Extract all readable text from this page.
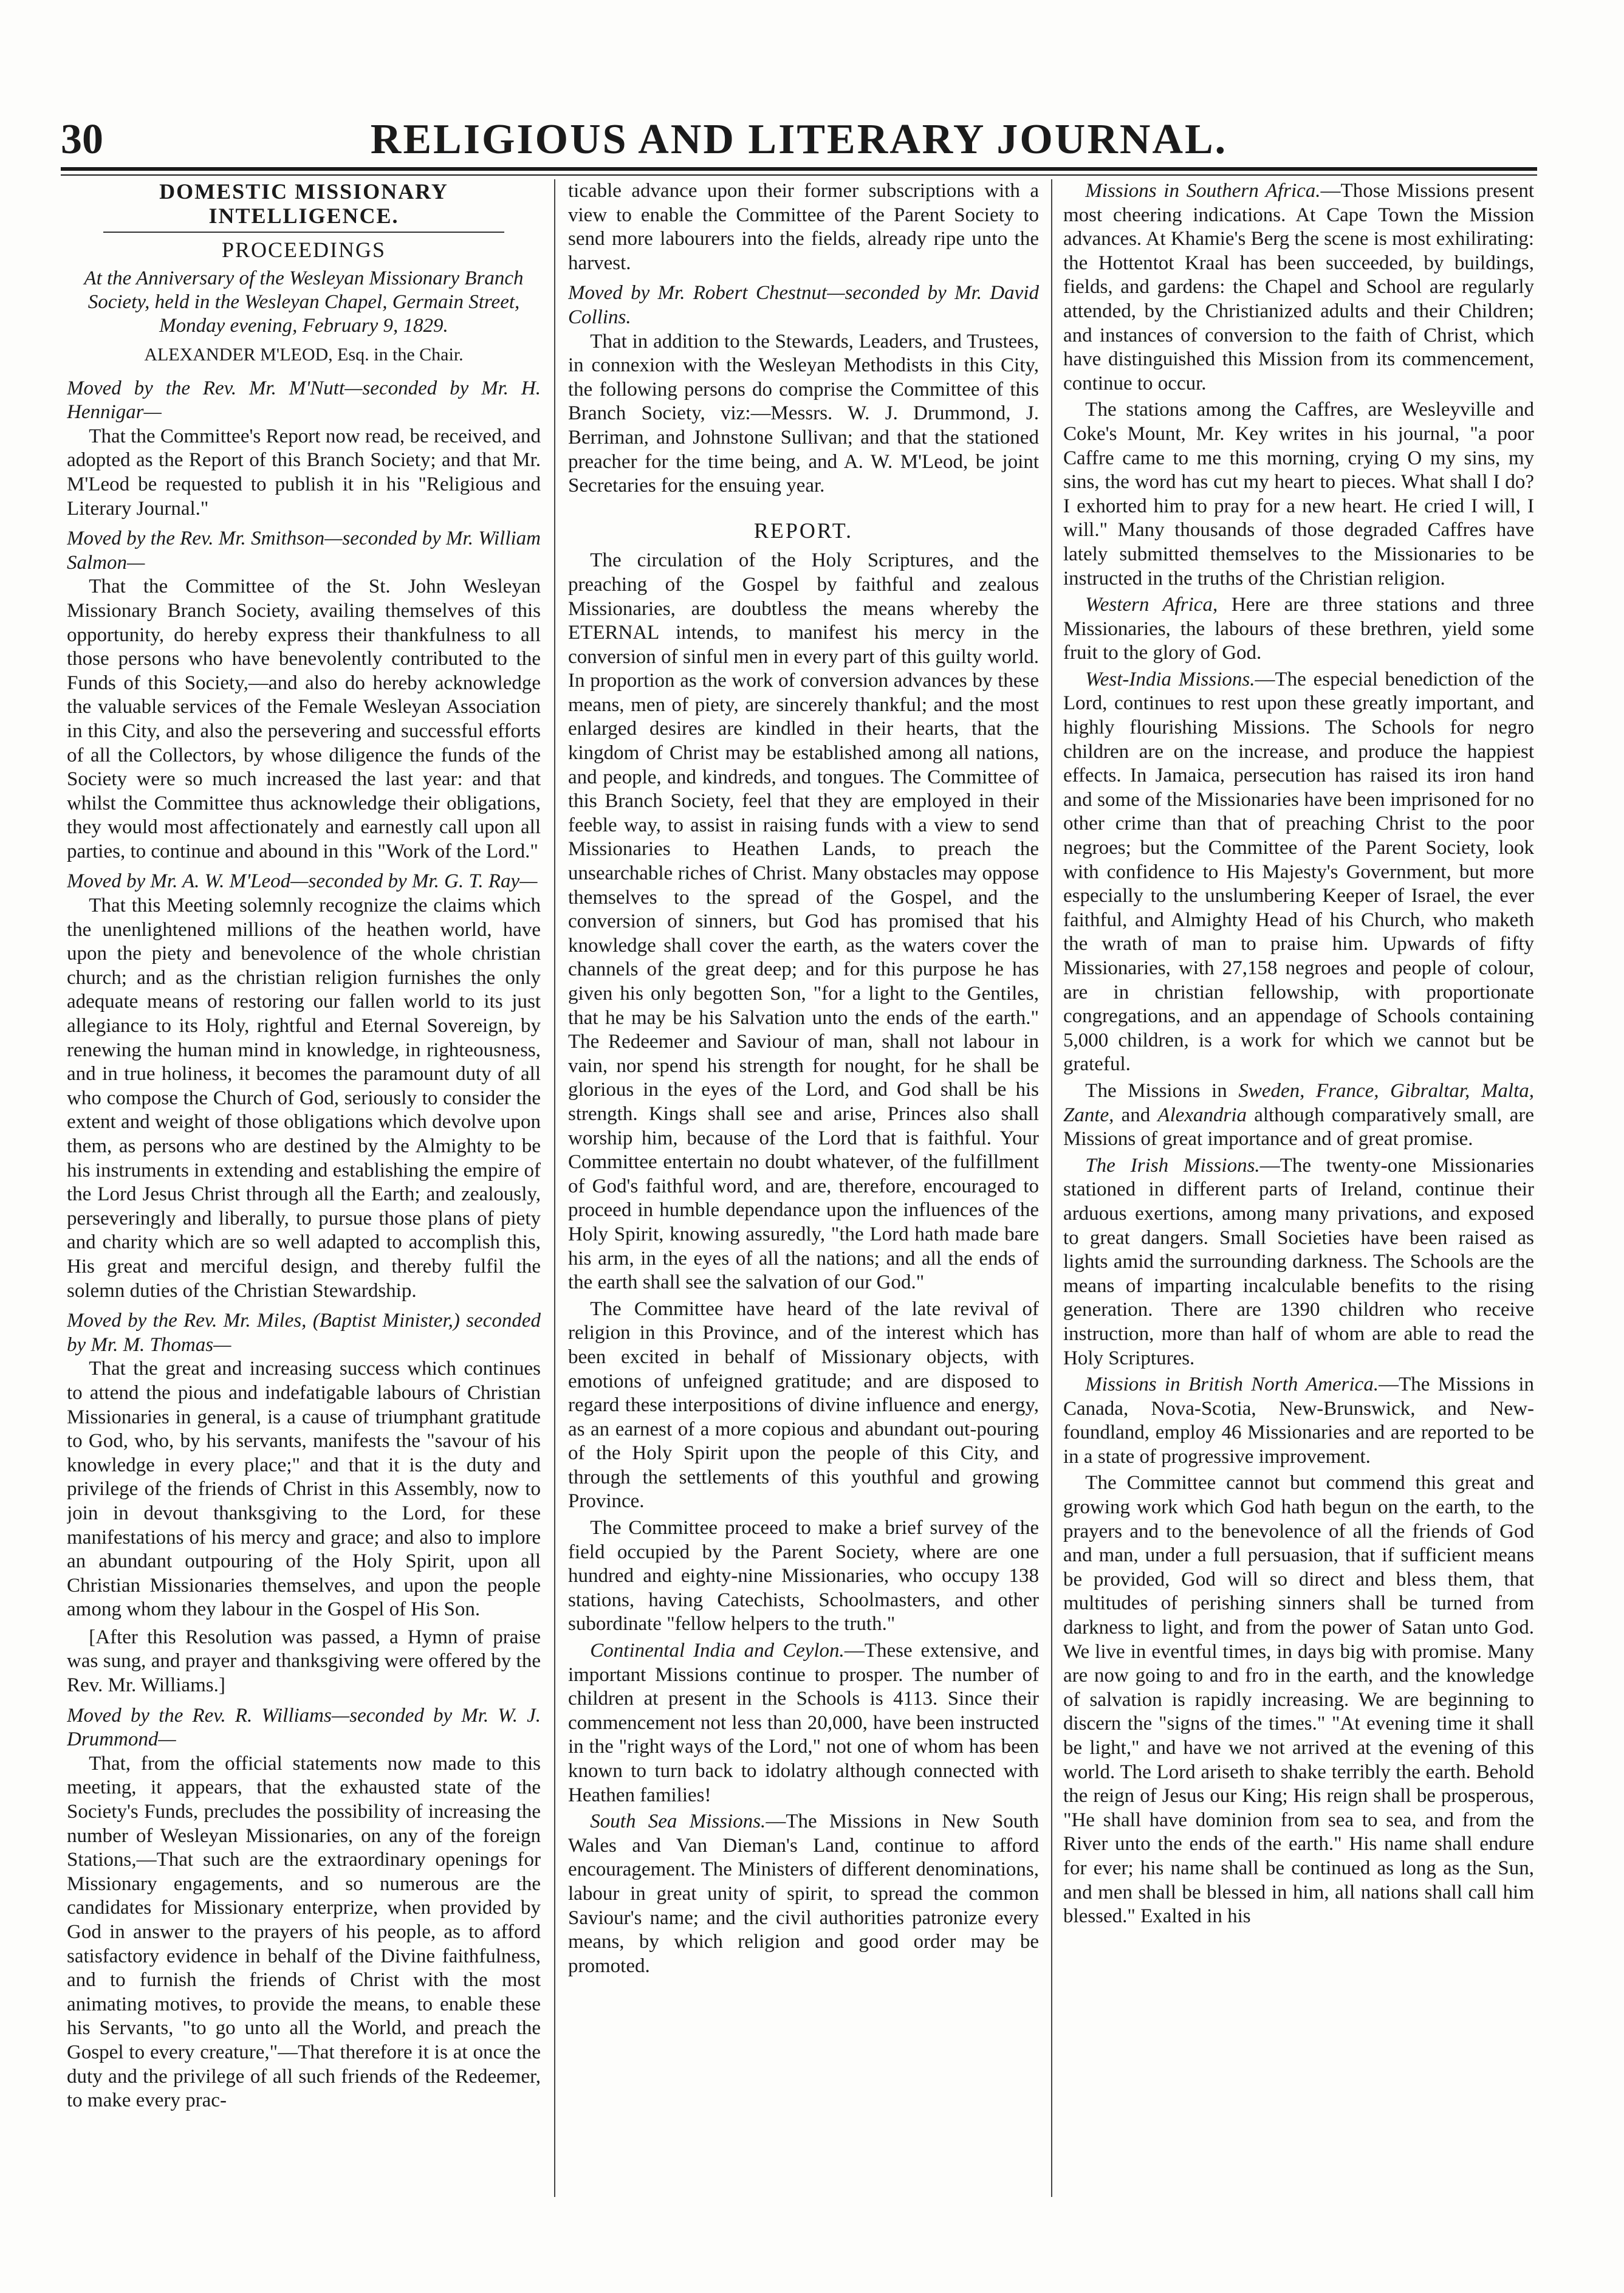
30	RELIGIOUS AND LITERARY JOURNAL.
DOMESTIC MISSIONARY INTELLIGENCE.
PROCEEDINGS

At the Anniversary of the Wesleyan Missionary Branch Society, held in the Wesleyan Chapel, Germain Street, Monday evening, February 9, 1829.

ALEXANDER M'LEOD, Esq. in the Chair.

Moved by the Rev. Mr. M'Nutt—seconded by Mr. H. Hennigar—

That the Committee's Report now read, be received, and adopted as the Report of this Branch Society; and that Mr. M'Leod be requested to publish it in his "Religious and Literary Journal."

Moved by the Rev. Mr. Smithson—seconded by Mr. William Salmon—

That the Committee of the St. John Wesleyan Missionary Branch Society, availing themselves of this opportunity, do hereby express their thankfulness to all those persons who have benevolently contributed to the Funds of this Society,—and also do hereby acknowledge the valuable services of the Female Wesleyan Association in this City, and also the persevering and successful efforts of all the Collectors, by whose diligence the funds of the Society were so much increased the last year: and that whilst the Committee thus acknowledge their obligations, they would most affectionately and earnestly call upon all parties, to continue and abound in this "Work of the Lord."

Moved by Mr. A. W. M'Leod—seconded by Mr. G. T. Ray—

That this Meeting solemnly recognize the claims which the unenlightened millions of the heathen world, have upon the piety and benevolence of the whole christian church; and as the christian religion furnishes the only adequate means of restoring our fallen world to its just allegiance to its Holy, rightful and Eternal Sovereign, by renewing the human mind in knowledge, in righteousness, and in true holiness, it becomes the paramount duty of all who compose the Church of God, seriously to consider the extent and weight of those obligations which devolve upon them, as persons who are destined by the Almighty to be his instruments in extending and establishing the empire of the Lord Jesus Christ through all the Earth; and zealously, perseveringly and liberally, to pursue those plans of piety and charity which are so well adapted to accomplish this, His great and merciful design, and thereby fulfil the solemn duties of the Christian Stewardship.

Moved by the Rev. Mr. Miles, (Baptist Minister,) seconded by Mr. M. Thomas—

That the great and increasing success which continues to attend the pious and indefatigable labours of Christian Missionaries in general, is a cause of triumphant gratitude to God, who, by his servants, manifests the "savour of his knowledge in every place;" and that it is the duty and privilege of the friends of Christ in this Assembly, now to join in devout thanksgiving to the Lord, for these manifestations of his mercy and grace; and also to implore an abundant outpouring of the Holy Spirit, upon all Christian Missionaries themselves, and upon the people among whom they labour in the Gospel of His Son.

[After this Resolution was passed, a Hymn of praise was sung, and prayer and thanksgiving were offered by the Rev. Mr. Williams.]

Moved by the Rev. R. Williams—seconded by Mr. W. J. Drummond—

That, from the official statements now made to this meeting, it appears, that the exhausted state of the Society's Funds, precludes the possibility of increasing the number of Wesleyan Missionaries, on any of the foreign Stations,—That such are the extraordinary openings for Missionary engagements, and so numerous are the candidates for Missionary enterprize, when provided by God in answer to the prayers of his people, as to afford satisfactory evidence in behalf of the Divine faithfulness, and to furnish the friends of Christ with the most animating motives, to provide the means, to enable these his Servants, "to go unto all the World, and preach the Gospel to every creature,"—That therefore it is at once the duty and the privilege of all such friends of the Redeemer, to make every prac-

ticable advance upon their former subscriptions with a view to enable the Committee of the Parent Society to send more labourers into the fields, already ripe unto the harvest.

Moved by Mr. Robert Chestnut—seconded by Mr. David Collins.

That in addition to the Stewards, Leaders, and Trustees, in connexion with the Wesleyan Methodists in this City, the following persons do comprise the Committee of this Branch Society, viz:—Messrs. W. J. Drummond, J. Berriman, and Johnstone Sullivan; and that the stationed preacher for the time being, and A. W. M'Leod, be joint Secretaries for the ensuing year.

REPORT.

The circulation of the Holy Scriptures, and the preaching of the Gospel by faithful and zealous Missionaries, are doubtless the means whereby the ETERNAL intends, to manifest his mercy in the conversion of sinful men in every part of this guilty world. In proportion as the work of conversion advances by these means, men of piety, are sincerely thankful; and the most enlarged desires are kindled in their hearts, that the kingdom of Christ may be established among all nations, and people, and kindreds, and tongues. The Committee of this Branch Society, feel that they are employed in their feeble way, to assist in raising funds with a view to send Missionaries to Heathen Lands, to preach the unsearchable riches of Christ. Many obstacles may oppose themselves to the spread of the Gospel, and the conversion of sinners, but God has promised that his knowledge shall cover the earth, as the waters cover the channels of the great deep; and for this purpose he has given his only begotten Son, "for a light to the Gentiles, that he may be his Salvation unto the ends of the earth." The Redeemer and Saviour of man, shall not labour in vain, nor spend his strength for nought, for he shall be glorious in the eyes of the Lord, and God shall be his strength. Kings shall see and arise, Princes also shall worship him, because of the Lord that is faithful. Your Committee entertain no doubt whatever, of the fulfillment of God's faithful word, and are, therefore, encouraged to proceed in humble dependance upon the influences of the Holy Spirit, knowing assuredly, "the Lord hath made bare his arm, in the eyes of all the nations; and all the ends of the earth shall see the salvation of our God."

The Committee have heard of the late revival of religion in this Province, and of the interest which has been excited in behalf of Missionary objects, with emotions of unfeigned gratitude; and are disposed to regard these interpositions of divine influence and energy, as an earnest of a more copious and abundant out-pouring of the Holy Spirit upon the people of this City, and through the settlements of this youthful and growing Province.

The Committee proceed to make a brief survey of the field occupied by the Parent Society, where are one hundred and eighty-nine Missionaries, who occupy 138 stations, having Catechists, Schoolmasters, and other subordinate "fellow helpers to the truth."

Continental India and Ceylon.—These extensive, and important Missions continue to prosper. The number of children at present in the Schools is 4113. Since their commencement not less than 20,000, have been instructed in the "right ways of the Lord," not one of whom has been known to turn back to idolatry although connected with Heathen families!

South Sea Missions.—The Missions in New South Wales and Van Dieman's Land, continue to afford encouragement. The Ministers of different denominations, labour in great unity of spirit, to spread the common Saviour's name; and the civil authorities patronize every means, by which religion and good order may be promoted.

Missions in Southern Africa.—Those Missions present most cheering indications. At Cape Town the Mission advances. At Khamie's Berg the scene is most exhilirating: the Hottentot Kraal has been succeeded, by buildings, fields, and gardens: the Chapel and School are regularly attended, by the Christianized adults and their Children; and instances of conversion to the faith of Christ, which have distinguished this Mission from its commencement, continue to occur.

The stations among the Caffres, are Wesleyville and Coke's Mount, Mr. Key writes in his journal, "a poor Caffre came to me this morning, crying O my sins, my sins, the word has cut my heart to pieces. What shall I do? I exhorted him to pray for a new heart. He cried I will, I will." Many thousands of those degraded Caffres have lately submitted themselves to the Missionaries to be instructed in the truths of the Christian religion.

Western Africa, Here are three stations and three Missionaries, the labours of these brethren, yield some fruit to the glory of God.

West-India Missions.—The especial benediction of the Lord, continues to rest upon these greatly important, and highly flourishing Missions. The Schools for negro children are on the increase, and produce the happiest effects. In Jamaica, persecution has raised its iron hand and some of the Missionaries have been imprisoned for no other crime than that of preaching Christ to the poor negroes; but the Committee of the Parent Society, look with confidence to His Majesty's Government, but more especially to the unslumbering Keeper of Israel, the ever faithful, and Almighty Head of his Church, who maketh the wrath of man to praise him. Upwards of fifty Missionaries, with 27,158 negroes and people of colour, are in christian fellowship, with proportionate congregations, and an appendage of Schools containing 5,000 children, is a work for which we cannot but be grateful.

The Missions in Sweden, France, Gibraltar, Malta, Zante, and Alexandria although comparatively small, are Missions of great importance and of great promise.

The Irish Missions.—The twenty-one Missionaries stationed in different parts of Ireland, continue their arduous exertions, among many privations, and exposed to great dangers. Small Societies have been raised as lights amid the surrounding darkness. The Schools are the means of imparting incalculable benefits to the rising generation. There are 1390 children who receive instruction, more than half of whom are able to read the Holy Scriptures.

Missions in British North America.—The Missions in Canada, Nova-Scotia, New-Brunswick, and New-foundland, employ 46 Missionaries and are reported to be in a state of progressive improvement.

The Committee cannot but commend this great and growing work which God hath begun on the earth, to the prayers and to the benevolence of all the friends of God and man, under a full persuasion, that if sufficient means be provided, God will so direct and bless them, that multitudes of perishing sinners shall be turned from darkness to light, and from the power of Satan unto God. We live in eventful times, in days big with promise. Many are now going to and fro in the earth, and the knowledge of salvation is rapidly increasing. We are beginning to discern the "signs of the times." "At evening time it shall be light," and have we not arrived at the evening of this world. The Lord ariseth to shake terribly the earth. Behold the reign of Jesus our King; His reign shall be prosperous, "He shall have dominion from sea to sea, and from the River unto the ends of the earth." His name shall endure for ever; his name shall be continued as long as the Sun, and men shall be blessed in him, all nations shall call him blessed." Exalted in his
